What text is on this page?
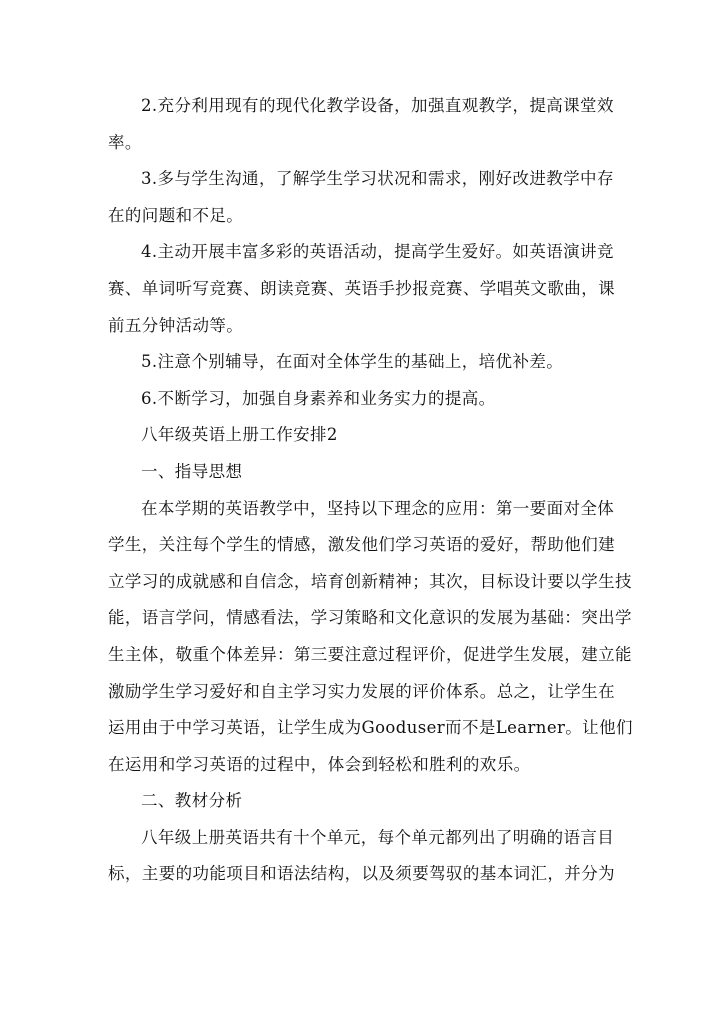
2.充分利用现有的现代化教学设备，加强直观教学，提高课堂效
率。
3.多与学生沟通，了解学生学习状况和需求，刚好改进教学中存
在的问题和不足。
4.主动开展丰富多彩的英语活动，提高学生爱好。如英语演讲竞
赛、单词听写竞赛、朗读竞赛、英语手抄报竞赛、学唱英文歌曲，课
前五分钟活动等。
5.注意个别辅导，在面对全体学生的基础上，培优补差。
6.不断学习，加强自身素养和业务实力的提高。
八年级英语上册工作安排2
一、指导思想
在本学期的英语教学中，坚持以下理念的应用：第一要面对全体
学生，关注每个学生的情感，激发他们学习英语的爱好，帮助他们建
立学习的成就感和自信念，培育创新精神；其次，目标设计要以学生技
能，语言学问，情感看法，学习策略和文化意识的发展为基础：突出学
生主体，敬重个体差异：第三要注意过程评价，促进学生发展，建立能
激励学生学习爱好和自主学习实力发展的评价体系。总之，让学生在
运用由于中学习英语，让学生成为Gooduser而不是Learner。让他们
在运用和学习英语的过程中，体会到轻松和胜利的欢乐。
二、教材分析
八年级上册英语共有十个单元，每个单元都列出了明确的语言目
标，主要的功能项目和语法结构，以及须要驾驭的基本词汇，并分为
